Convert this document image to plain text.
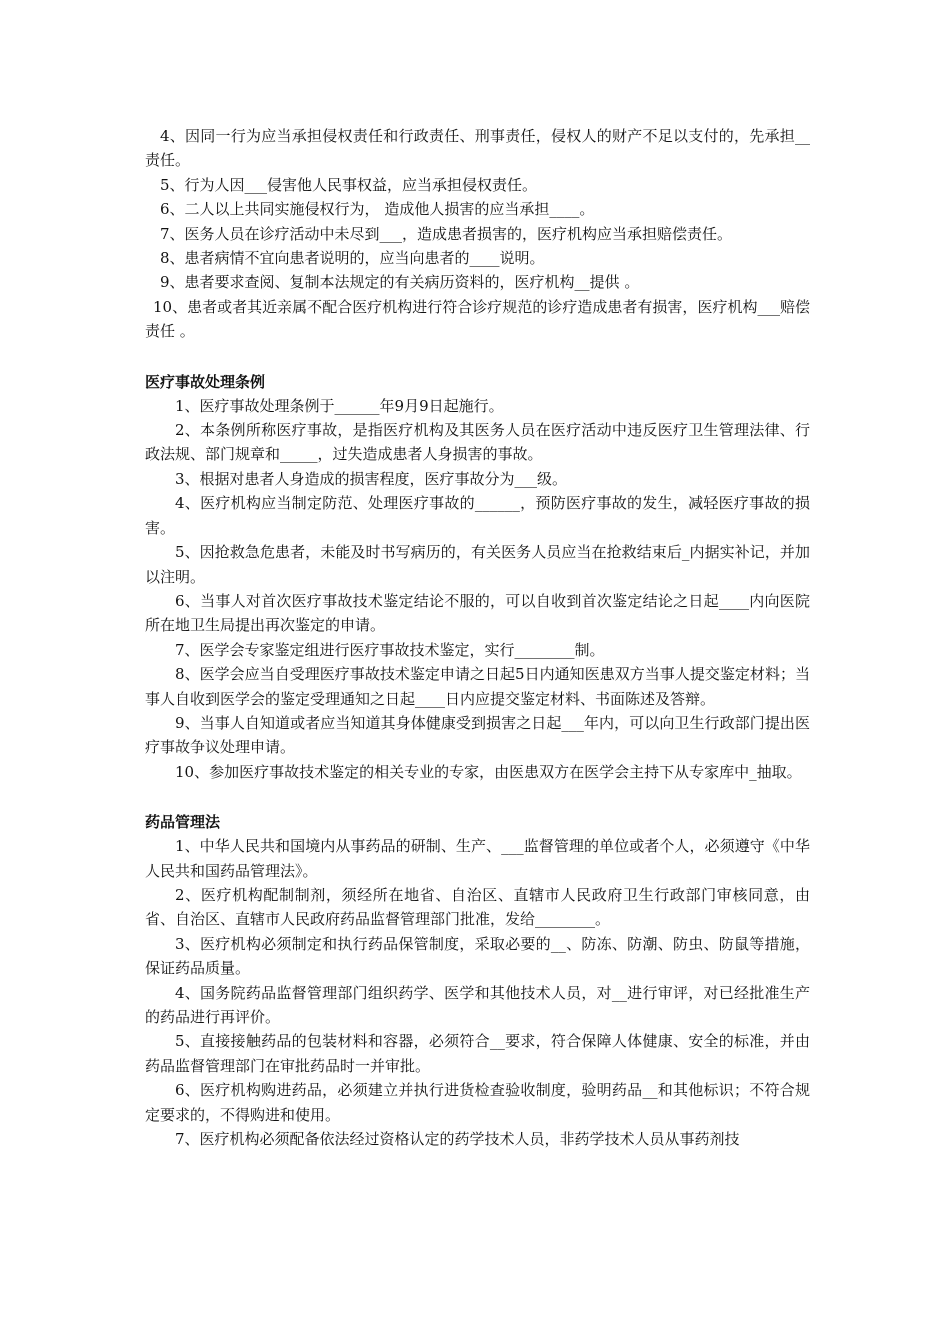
4、因同一行为应当承担侵权责任和行政责任、刑事责任，侵权人的财产不足以支付的，先承担__责任。

5、行为人因___侵害他人民事权益，应当承担侵权责任。

6、二人以上共同实施侵权行为， 造成他人损害的应当承担____。

7、医务人员在诊疗活动中未尽到___，造成患者损害的，医疗机构应当承担赔偿责任。

8、患者病情不宜向患者说明的，应当向患者的____说明。

9、患者要求查阅、复制本法规定的有关病历资料的，医疗机构__提供 。

10、患者或者其近亲属不配合医疗机构进行符合诊疗规范的诊疗造成患者有损害，医疗机构___赔偿责任 。

医疗事故处理条例

1、医疗事故处理条例于______年9月9日起施行。

2、本条例所称医疗事故，是指医疗机构及其医务人员在医疗活动中违反医疗卫生管理法律、行政法规、部门规章和_____，过失造成患者人身损害的事故。

3、根据对患者人身造成的损害程度，医疗事故分为___级。

4、医疗机构应当制定防范、处理医疗事故的______，预防医疗事故的发生，减轻医疗事故的损害。

5、因抢救急危患者，未能及时书写病历的，有关医务人员应当在抢救结束后_内据实补记，并加以注明。

6、当事人对首次医疗事故技术鉴定结论不服的，可以自收到首次鉴定结论之日起____内向医院所在地卫生局提出再次鉴定的申请。

7、医学会专家鉴定组进行医疗事故技术鉴定，实行________制。

8、医学会应当自受理医疗事故技术鉴定申请之日起5日内通知医患双方当事人提交鉴定材料；当事人自收到医学会的鉴定受理通知之日起____日内应提交鉴定材料、书面陈述及答辩。

9、当事人自知道或者应当知道其身体健康受到损害之日起___年内，可以向卫生行政部门提出医疗事故争议处理申请。

10、参加医疗事故技术鉴定的相关专业的专家，由医患双方在医学会主持下从专家库中_抽取。

药品管理法

1、中华人民共和国境内从事药品的研制、生产、___监督管理的单位或者个人，必须遵守《中华人民共和国药品管理法》。

2、医疗机构配制制剂，须经所在地省、自治区、直辖市人民政府卫生行政部门审核同意，由省、自治区、直辖市人民政府药品监督管理部门批准，发给________。

3、医疗机构必须制定和执行药品保管制度，采取必要的__、防冻、防潮、防虫、防鼠等措施，保证药品质量。

4、国务院药品监督管理部门组织药学、医学和其他技术人员，对__进行审评，对已经批准生产的药品进行再评价。

5、直接接触药品的包装材料和容器，必须符合__要求，符合保障人体健康、安全的标准，并由药品监督管理部门在审批药品时一并审批。

6、医疗机构购进药品，必须建立并执行进货检查验收制度，验明药品__和其他标识；不符合规定要求的，不得购进和使用。

7、医疗机构必须配备依法经过资格认定的药学技术人员，非药学技术人员从事药剂技
